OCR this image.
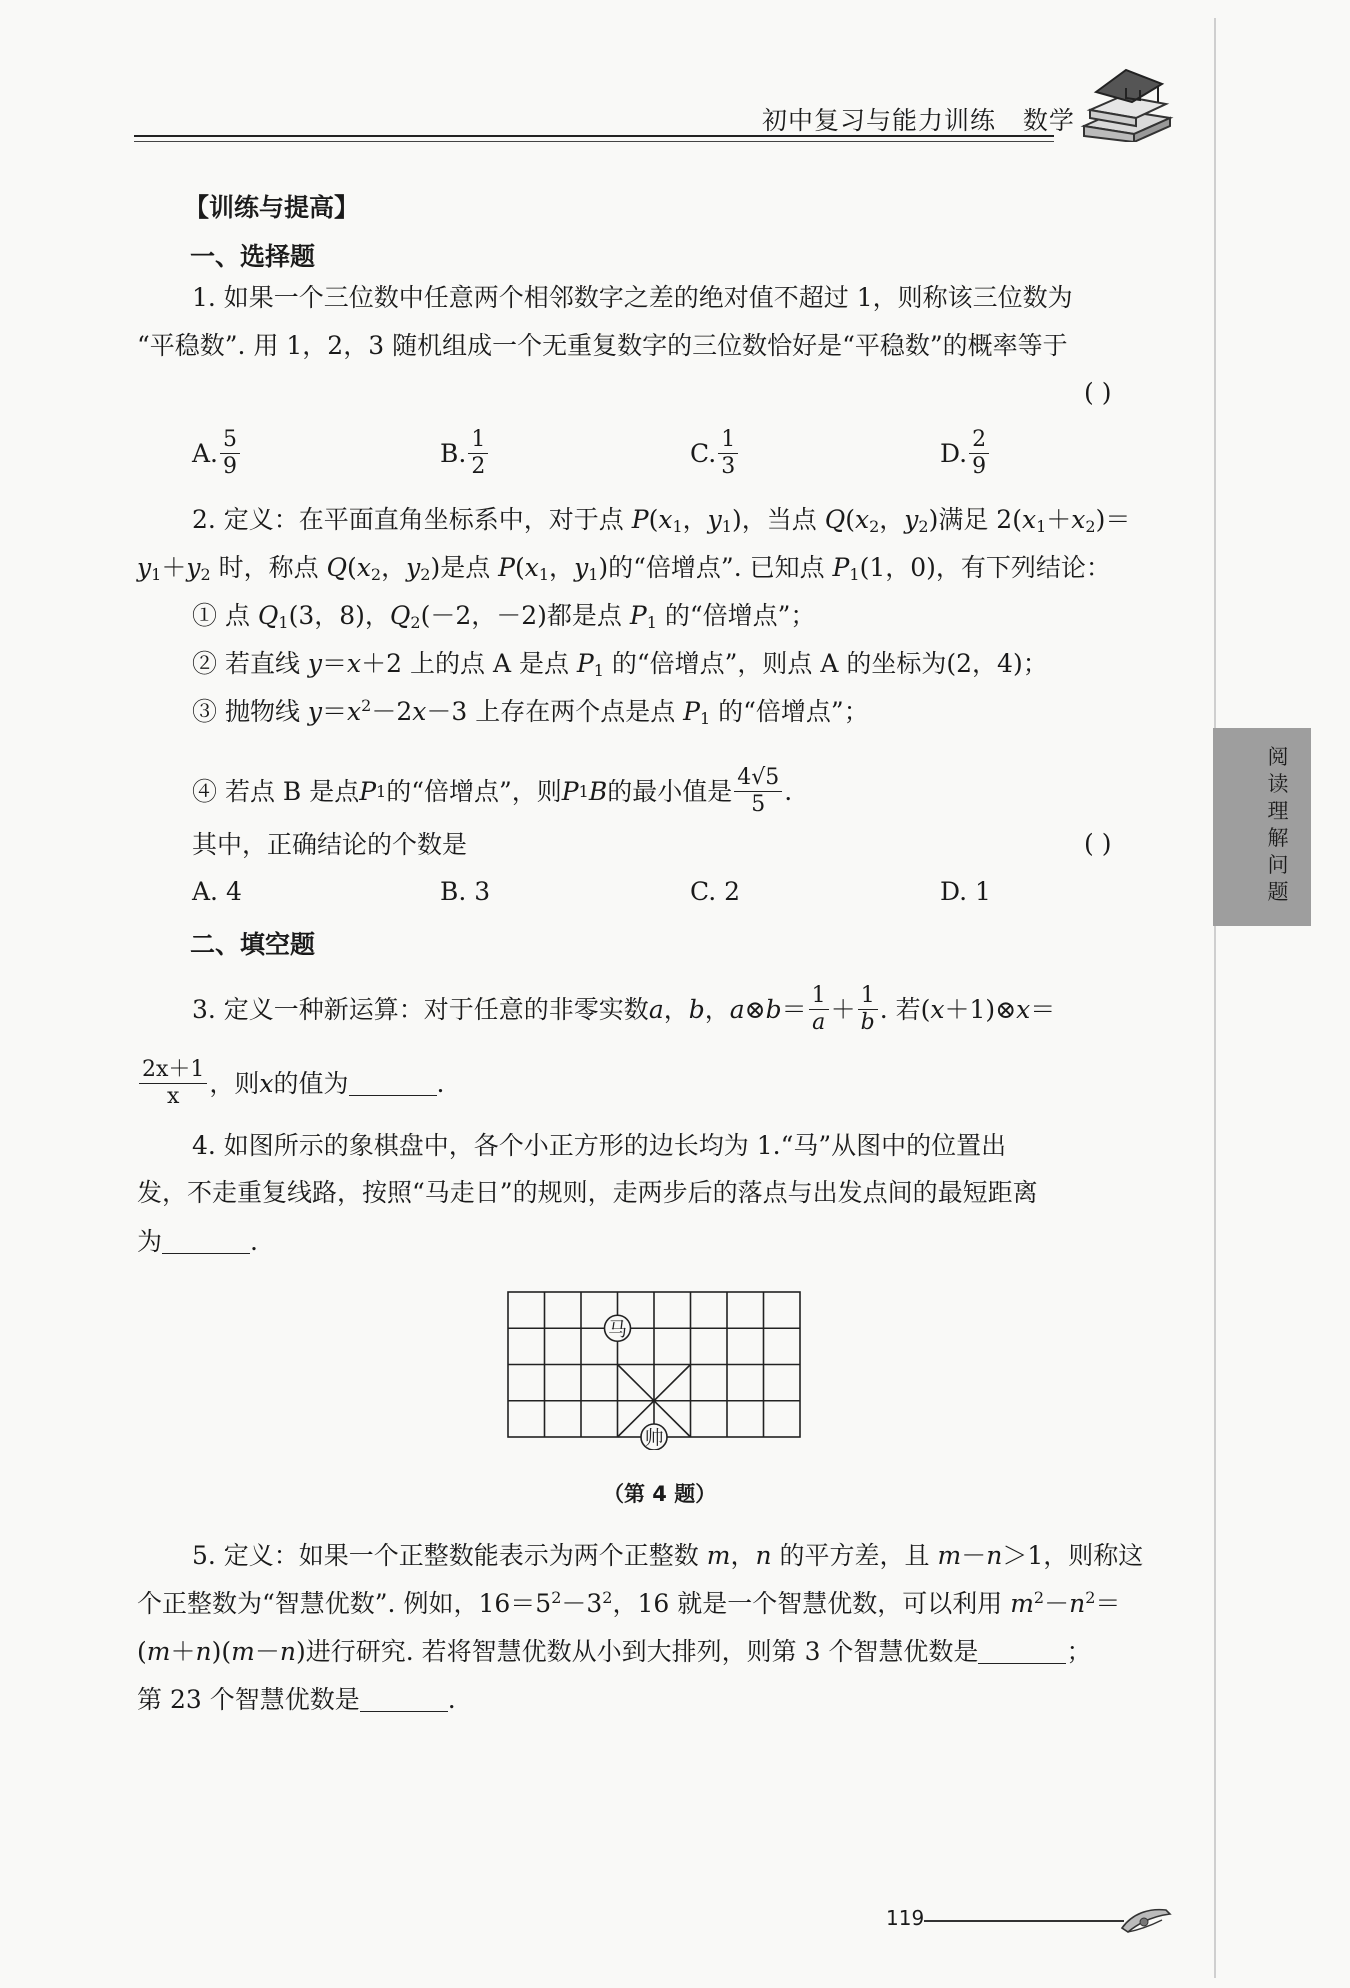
阅读理解问题
初中复习与能力训练   数学
【训练与提高】
一、选择题
1. 如果一个三位数中任意两个相邻数字之差的绝对值不超过 1，则称该三位数为
“平稳数”. 用 1，2，3 随机组成一个无重复数字的三位数恰好是“平稳数”的概率等于
( )
A. $\frac{5}{9}$	B. $\frac{1}{2}$	C. $\frac{1}{3}$	D. $\frac{2}{9}$
2. 定义：在平面直角坐标系中，对于点 $P(x_1$，$y_1$)，当点 $Q(x_2$，$y_2$)满足 $2(x_1+x_2)=$
$y_1+y_2$ 时，称点 $Q(x_2$，$y_2$)是点 $P(x_1$，$y_1$)的“倍增点”. 已知点 $P_1(1$，0)，有下列结论：
① 点 $Q_1(3$，8)，$Q_2(-2$，－2)都是点 $P_1$ 的“倍增点”；
② 若直线 y＝x＋2 上的点 A 是点 $P_1$ 的“倍增点”，则点 A 的坐标为(2，4)；
③ 抛物线 $y=x^2-2x-3$ 上存在两个点是点 $P_1$ 的“倍增点”；
④ 若点 B 是点 P 1 的“倍增点”，则 P 1 B 的最小值是 $\frac{4√5}{5}$ .
其中，正确结论的个数是	( )
A. 4	B. 3	C. 2	D. 1
二、填空题
3. 定义一种新运算：对于任意的非零实数 a ， b ， a ⊗ $b = \frac{1}{a} + \frac{1}{b}$ . 若( x ＋1)⊗ x ＝
$\frac{2x+1}{x}$ ，则 x 的值为	.
4. 如图所示的象棋盘中，各个小正方形的边长均为 1.“马”从图中的位置出
发，不走重复线路，按照“马走日”的规则，走两步后的落点与出发点间的最短距离
为	.
马
帅
（第 4 题）
5. 定义：如果一个正整数能表示为两个正整数 m，n 的平方差，且 m－n＞1，则称这
个正整数为“智慧优数”. 例如，$16=5^2-3^2$，16 就是一个智慧优数，可以利用 $m^2-n^2=$
(m＋n)(m－n)进行研究. 若将智慧优数从小到大排列，则第 3 个智慧优数是	；
第 23 个智慧优数是	.
119
